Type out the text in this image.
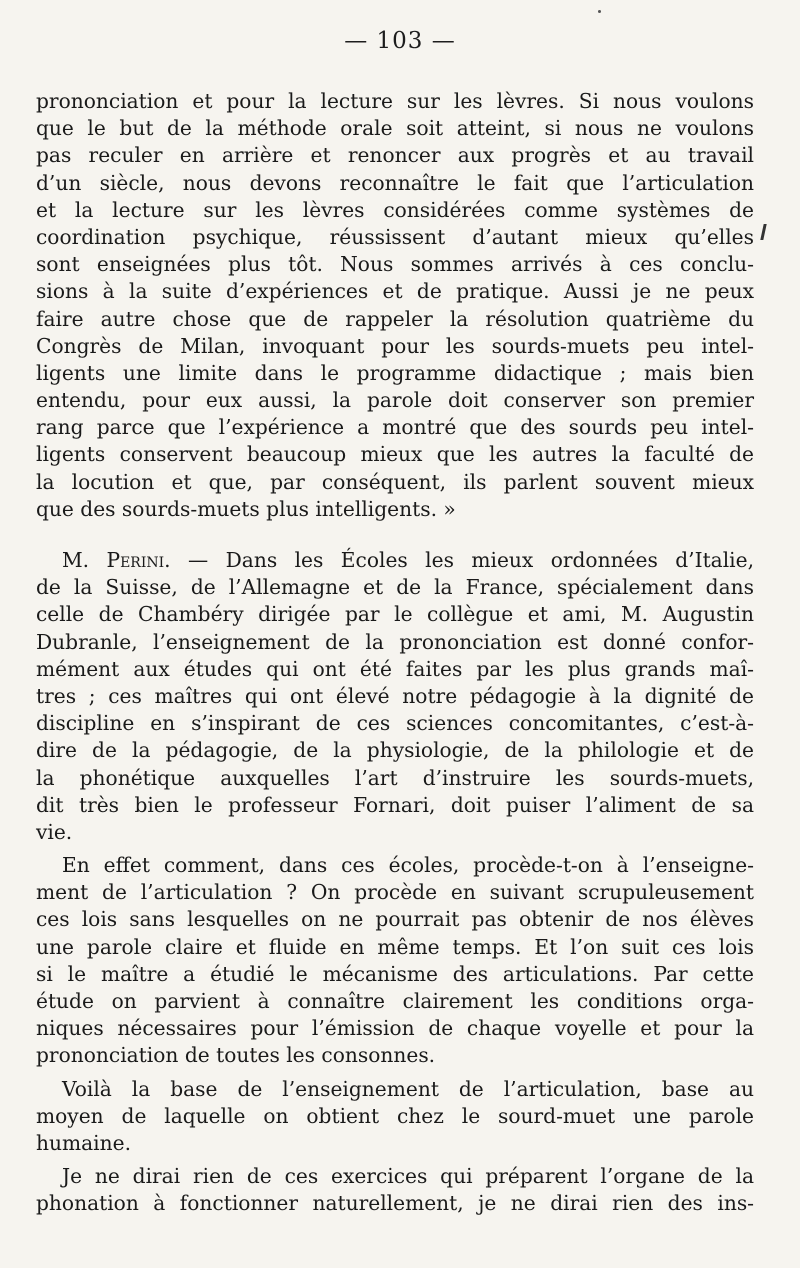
— 103 —
prononciation et pour la lecture sur les lèvres. Si nous voulons
que le but de la méthode orale soit atteint, si nous ne voulons
pas reculer en arrière et renoncer aux progrès et au travail
d’un siècle, nous devons reconnaître le fait que l’articulation
et la lecture sur les lèvres considérées comme systèmes de
coordination psychique, réussissent d’autant mieux qu’elles
sont enseignées plus tôt. Nous sommes arrivés à ces conclu-
sions à la suite d’expériences et de pratique. Aussi je ne peux
faire autre chose que de rappeler la résolution quatrième du
Congrès de Milan, invoquant pour les sourds-muets peu intel-
ligents une limite dans le programme didactique ; mais bien
entendu, pour eux aussi, la parole doit conserver son premier
rang parce que l’expérience a montré que des sourds peu intel-
ligents conservent beaucoup mieux que les autres la faculté de
la locution et que, par conséquent, ils parlent souvent mieux
que des sourds-muets plus intelligents. »
M. Perini. — Dans les Écoles les mieux ordonnées d’Italie,
de la Suisse, de l’Allemagne et de la France, spécialement dans
celle de Chambéry dirigée par le collègue et ami, M. Augustin
Dubranle, l’enseignement de la prononciation est donné confor-
mément aux études qui ont été faites par les plus grands maî-
tres ; ces maîtres qui ont élevé notre pédagogie à la dignité de
discipline en s’inspirant de ces sciences concomitantes, c’est-à-
dire de la pédagogie, de la physiologie, de la philologie et de
la phonétique auxquelles l’art d’instruire les sourds-muets,
dit très bien le professeur Fornari, doit puiser l’aliment de sa
vie.
En effet comment, dans ces écoles, procède-t-on à l’enseigne-
ment de l’articulation ? On procède en suivant scrupuleusement
ces lois sans lesquelles on ne pourrait pas obtenir de nos élèves
une parole claire et fluide en même temps. Et l’on suit ces lois
si le maître a étudié le mécanisme des articulations. Par cette
étude on parvient à connaître clairement les conditions orga-
niques nécessaires pour l’émission de chaque voyelle et pour la
prononciation de toutes les consonnes.
Voilà la base de l’enseignement de l’articulation, base au
moyen de laquelle on obtient chez le sourd-muet une parole
humaine.
Je ne dirai rien de ces exercices qui préparent l’organe de la
phonation à fonctionner naturellement, je ne dirai rien des ins-
